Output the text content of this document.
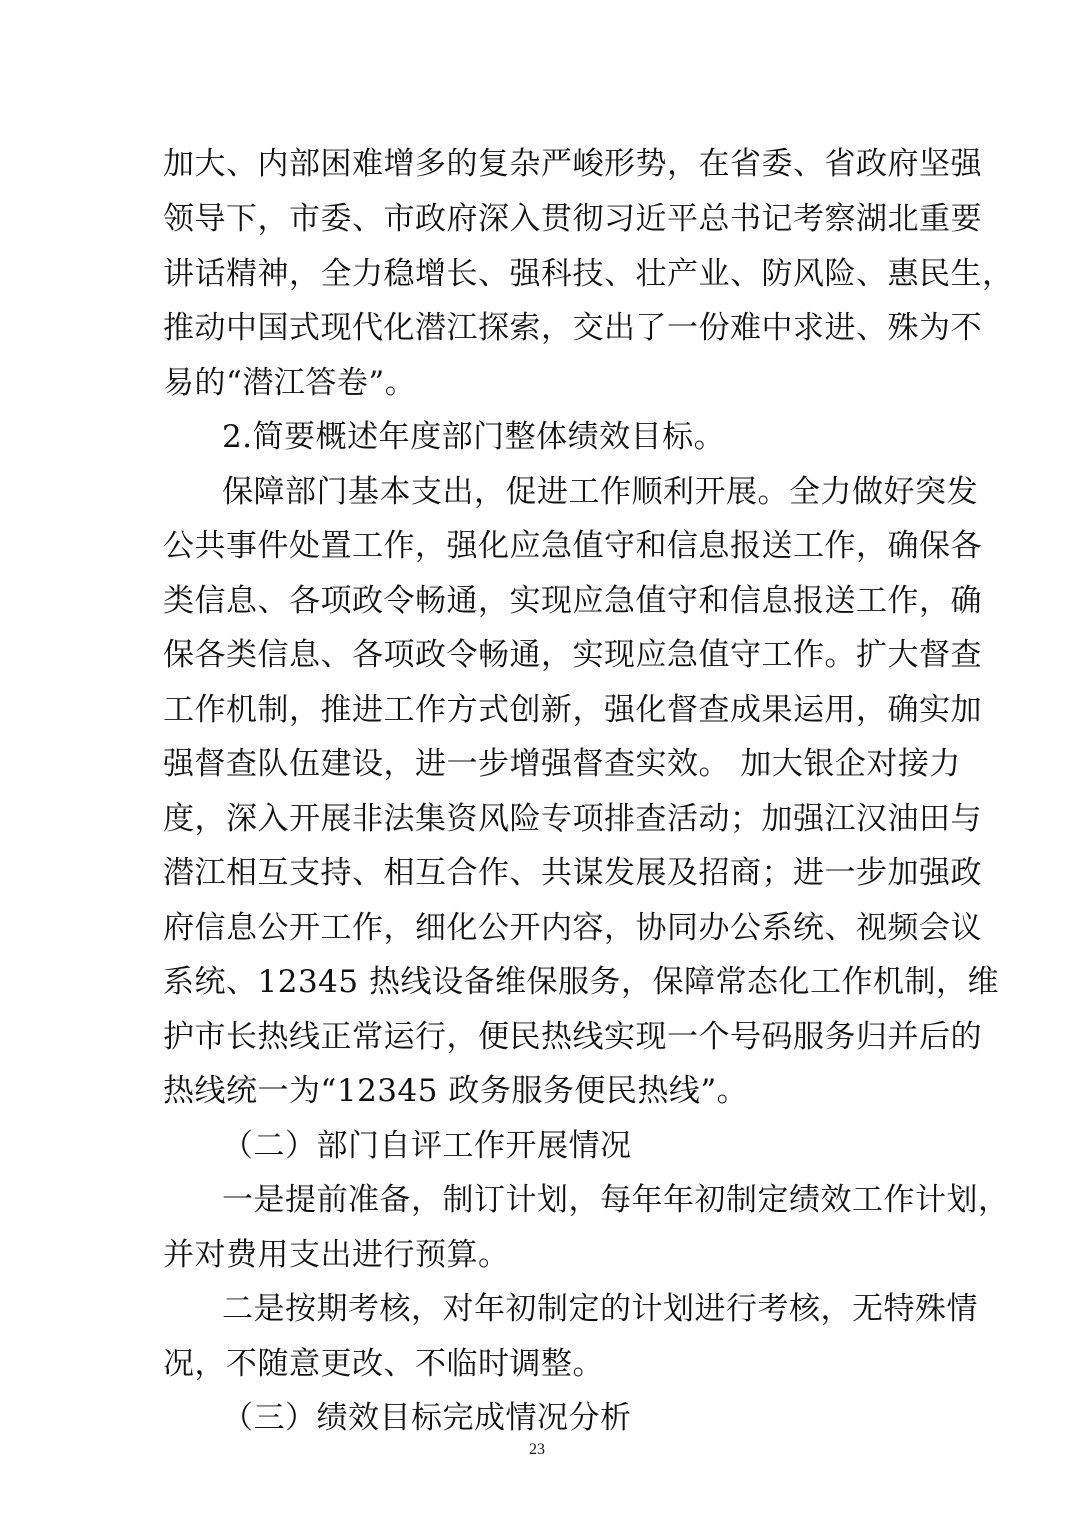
加大、内部困难增多的复杂严峻形势，在省委、省政府坚强
领导下，市委、市政府深入贯彻习近平总书记考察湖北重要
讲话精神，全力稳增长、强科技、壮产业、防风险、惠民生，
推动中国式现代化潜江探索，交出了一份难中求进、殊为不
易的“潜江答卷”。
2.简要概述年度部门整体绩效目标。
保障部门基本支出，促进工作顺利开展。全力做好突发
公共事件处置工作，强化应急值守和信息报送工作，确保各
类信息、各项政令畅通，实现应急值守和信息报送工作，确
保各类信息、各项政令畅通，实现应急值守工作。扩大督查
工作机制，推进工作方式创新，强化督查成果运用，确实加
强督查队伍建设，进一步增强督查实效。 加大银企对接力
度，深入开展非法集资风险专项排查活动；加强江汉油田与
潜江相互支持、相互合作、共谋发展及招商；进一步加强政
府信息公开工作，细化公开内容，协同办公系统、视频会议
系统、12345 热线设备维保服务，保障常态化工作机制，维
护市长热线正常运行，便民热线实现一个号码服务归并后的
热线统一为“12345 政务服务便民热线”。
（二）部门自评工作开展情况
一是提前准备，制订计划，每年年初制定绩效工作计划，
并对费用支出进行预算。
二是按期考核，对年初制定的计划进行考核，无特殊情
况，不随意更改、不临时调整。
（三）绩效目标完成情况分析
23
